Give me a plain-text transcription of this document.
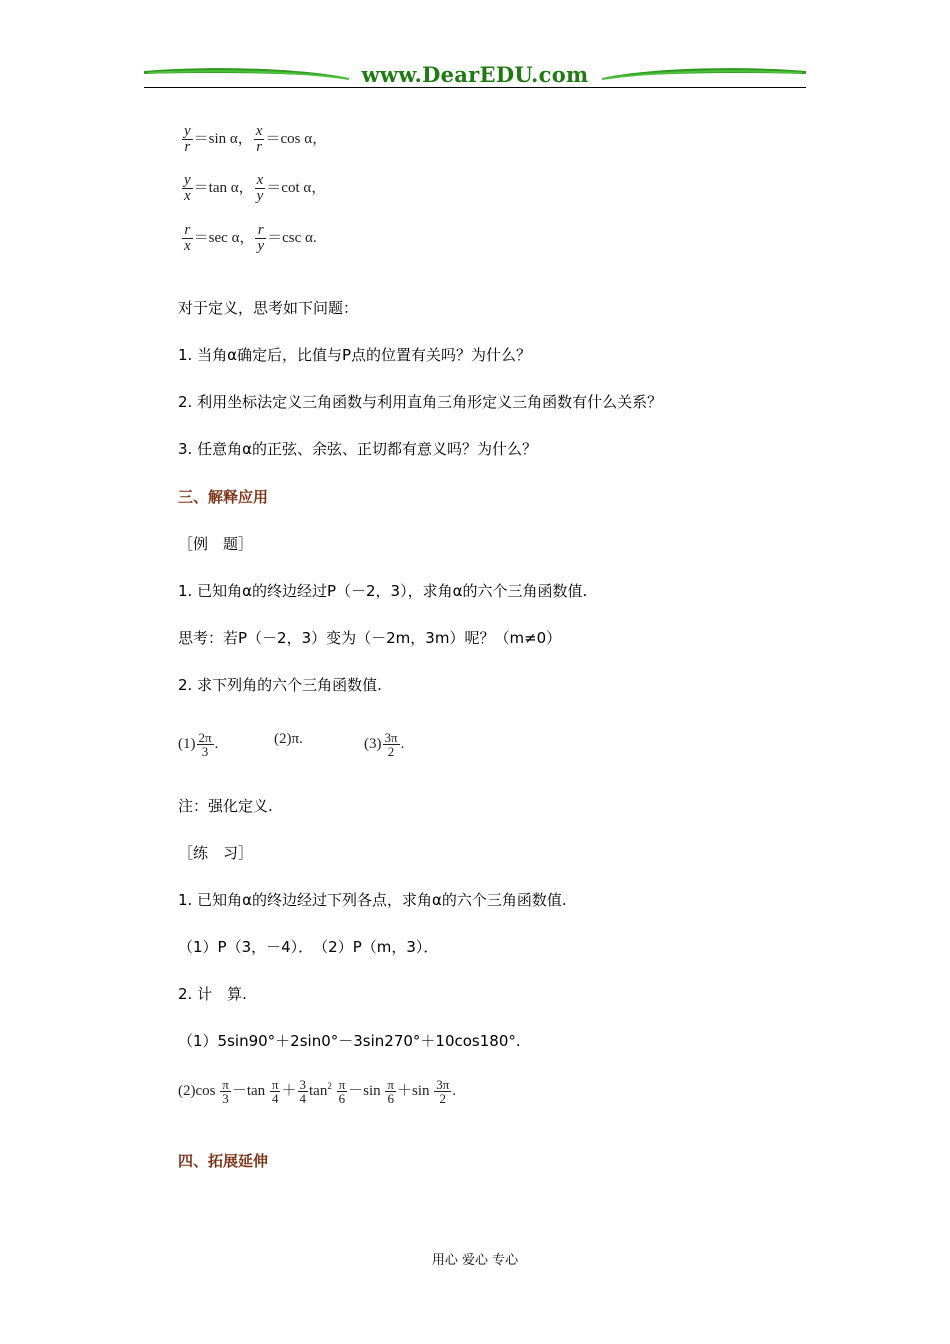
www.DearEDU.com
$\frac{y}{r} =\sin$ α， $\frac{x}{r} =\cos$ α，
$\frac{y}{x} =\tan$ α， $\frac{x}{y} =\cot$ α，
$\frac{r}{x} =\sec$ α， $\frac{r}{y} =\csc$ α.
对于定义，思考如下问题：
1. 当角α确定后，比值与P点的位置有关吗？为什么？
2. 利用坐标法定义三角函数与利用直角三角形定义三角函数有什么关系？
3. 任意角α的正弦、余弦、正切都有意义吗？为什么？
三、解释应用
［例　题］
1. 已知角α的终边经过P（－2，3），求角α的六个三角函数值.
思考：若P（－2，3）变为（－2m，3m）呢？（m≠0）
2. 求下列角的六个三角函数值.
$(1) \frac{2\pi}{3}$ .	(2)π.	$(3) \frac{3\pi}{2}$ .
注：强化定义.
［练　习］
1. 已知角α的终边经过下列各点，求角α的六个三角函数值.
（1）P（3，－4）．　（2）P（m，3）．
2. 计　算.
（1）5sin90°＋2sin0°－3sin270°＋10cos180°.
$(2)\cos \frac{\pi}{3} -\tan \frac{\pi}{4} + \frac{3}{4} \tan^2 \frac{\pi}{6} -\sin \frac{\pi}{6} +\sin \frac{3\pi}{2}$ .
四、拓展延伸
用心 爱心 专心
